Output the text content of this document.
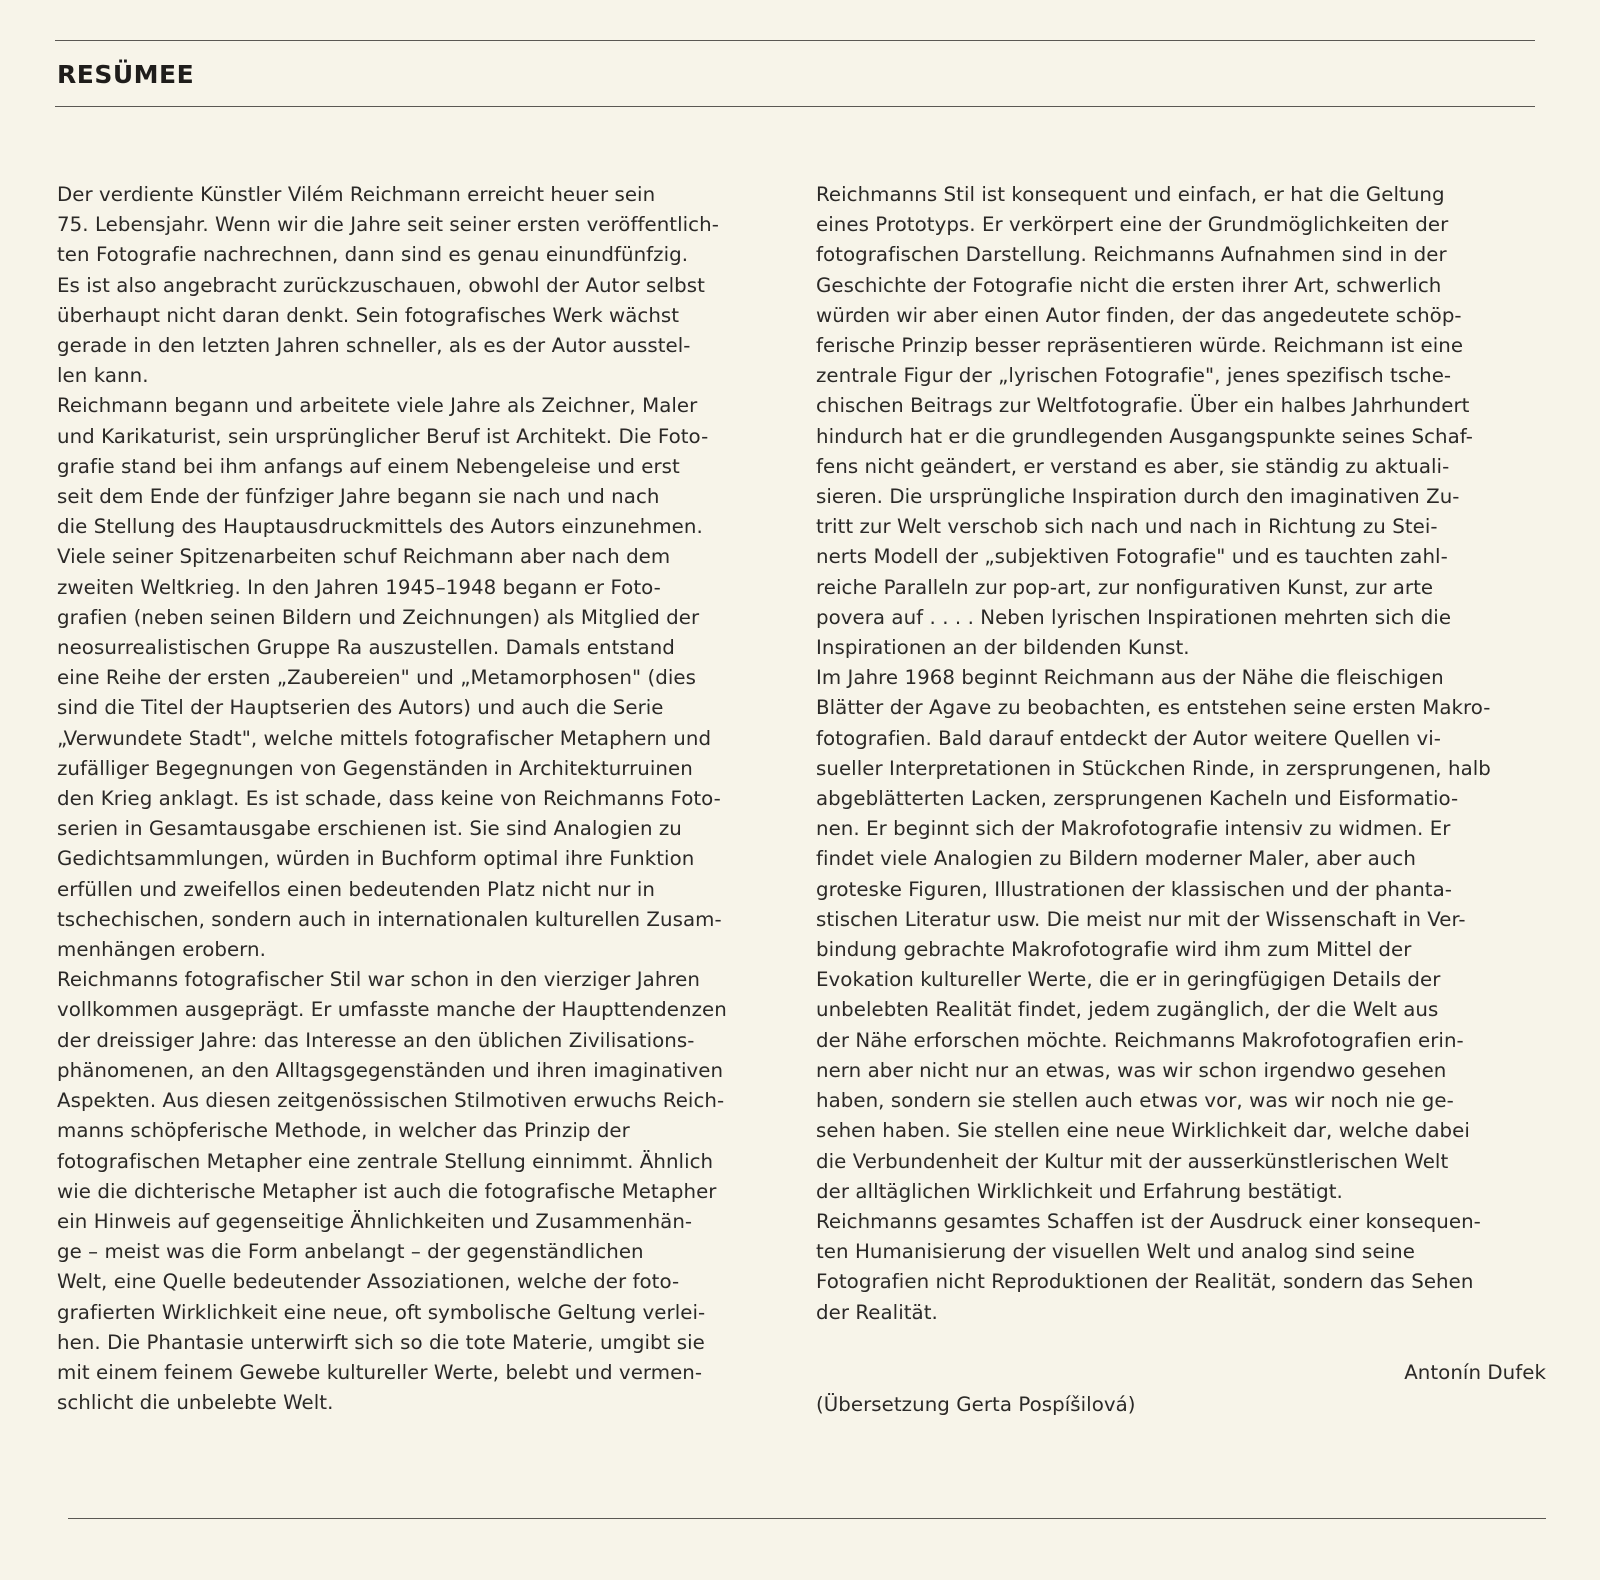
RESÜMEE

Der verdiente Künstler Vilém Reichmann erreicht heuer sein
75. Lebensjahr. Wenn wir die Jahre seit seiner ersten veröffentlich-
ten Fotografie nachrechnen, dann sind es genau einundfünfzig.
Es ist also angebracht zurückzuschauen, obwohl der Autor selbst
überhaupt nicht daran denkt. Sein fotografisches Werk wächst
gerade in den letzten Jahren schneller, als es der Autor ausstel-
len kann.

Reichmann begann und arbeitete viele Jahre als Zeichner, Maler
und Karikaturist, sein ursprünglicher Beruf ist Architekt. Die Foto-
grafie stand bei ihm anfangs auf einem Nebengeleise und erst
seit dem Ende der fünfziger Jahre begann sie nach und nach
die Stellung des Hauptausdruckmittels des Autors einzunehmen.
Viele seiner Spitzenarbeiten schuf Reichmann aber nach dem
zweiten Weltkrieg. In den Jahren 1945–1948 begann er Foto-
grafien (neben seinen Bildern und Zeichnungen) als Mitglied der
neosurrealistischen Gruppe Ra auszustellen. Damals entstand
eine Reihe der ersten „Zaubereien" und „Metamorphosen" (dies
sind die Titel der Hauptserien des Autors) und auch die Serie
„Verwundete Stadt", welche mittels fotografischer Metaphern und
zufälliger Begegnungen von Gegenständen in Architekturruinen
den Krieg anklagt. Es ist schade, dass keine von Reichmanns Foto-
serien in Gesamtausgabe erschienen ist. Sie sind Analogien zu
Gedichtsammlungen, würden in Buchform optimal ihre Funktion
erfüllen und zweifellos einen bedeutenden Platz nicht nur in
tschechischen, sondern auch in internationalen kulturellen Zusam-
menhängen erobern.

Reichmanns fotografischer Stil war schon in den vierziger Jahren
vollkommen ausgeprägt. Er umfasste manche der Haupttendenzen
der dreissiger Jahre: das Interesse an den üblichen Zivilisations-
phänomenen, an den Alltagsgegenständen und ihren imaginativen
Aspekten. Aus diesen zeitgenössischen Stilmotiven erwuchs Reich-
manns schöpferische Methode, in welcher das Prinzip der
fotografischen Metapher eine zentrale Stellung einnimmt. Ähnlich
wie die dichterische Metapher ist auch die fotografische Metapher
ein Hinweis auf gegenseitige Ähnlichkeiten und Zusammenhän-
ge – meist was die Form anbelangt – der gegenständlichen
Welt, eine Quelle bedeutender Assoziationen, welche der foto-
grafierten Wirklichkeit eine neue, oft symbolische Geltung verlei-
hen. Die Phantasie unterwirft sich so die tote Materie, umgibt sie
mit einem feinem Gewebe kultureller Werte, belebt und vermen-
schlicht die unbelebte Welt.

Reichmanns Stil ist konsequent und einfach, er hat die Geltung
eines Prototyps. Er verkörpert eine der Grundmöglichkeiten der
fotografischen Darstellung. Reichmanns Aufnahmen sind in der
Geschichte der Fotografie nicht die ersten ihrer Art, schwerlich
würden wir aber einen Autor finden, der das angedeutete schöp-
ferische Prinzip besser repräsentieren würde. Reichmann ist eine
zentrale Figur der „lyrischen Fotografie", jenes spezifisch tsche-
chischen Beitrags zur Weltfotografie. Über ein halbes Jahrhundert
hindurch hat er die grundlegenden Ausgangspunkte seines Schaf-
fens nicht geändert, er verstand es aber, sie ständig zu aktuali-
sieren. Die ursprüngliche Inspiration durch den imaginativen Zu-
tritt zur Welt verschob sich nach und nach in Richtung zu Stei-
nerts Modell der „subjektiven Fotografie" und es tauchten zahl-
reiche Paralleln zur pop-art, zur nonfigurativen Kunst, zur arte
povera auf . . . . Neben lyrischen Inspirationen mehrten sich die
Inspirationen an der bildenden Kunst.

Im Jahre 1968 beginnt Reichmann aus der Nähe die fleischigen
Blätter der Agave zu beobachten, es entstehen seine ersten Makro-
fotografien. Bald darauf entdeckt der Autor weitere Quellen vi-
sueller Interpretationen in Stückchen Rinde, in zersprungenen, halb
abgeblätterten Lacken, zersprungenen Kacheln und Eisformatio-
nen. Er beginnt sich der Makrofotografie intensiv zu widmen. Er
findet viele Analogien zu Bildern moderner Maler, aber auch
groteske Figuren, Illustrationen der klassischen und der phanta-
stischen Literatur usw. Die meist nur mit der Wissenschaft in Ver-
bindung gebrachte Makrofotografie wird ihm zum Mittel der
Evokation kultureller Werte, die er in geringfügigen Details der
unbelebten Realität findet, jedem zugänglich, der die Welt aus
der Nähe erforschen möchte. Reichmanns Makrofotografien erin-
nern aber nicht nur an etwas, was wir schon irgendwo gesehen
haben, sondern sie stellen auch etwas vor, was wir noch nie ge-
sehen haben. Sie stellen eine neue Wirklichkeit dar, welche dabei
die Verbundenheit der Kultur mit der ausserkünstlerischen Welt
der alltäglichen Wirklichkeit und Erfahrung bestätigt.

Reichmanns gesamtes Schaffen ist der Ausdruck einer konsequen-
ten Humanisierung der visuellen Welt und analog sind seine
Fotografien nicht Reproduktionen der Realität, sondern das Sehen
der Realität.

Antonín Dufek
(Übersetzung Gerta Pospíšilová)
